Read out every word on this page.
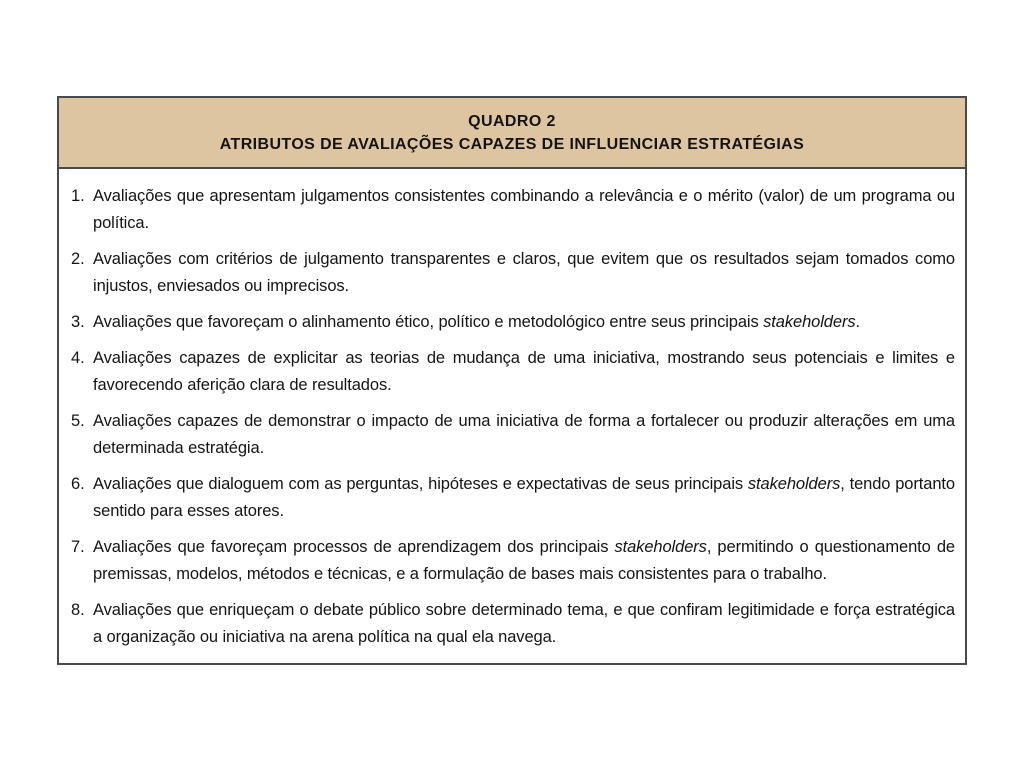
QUADRO 2
ATRIBUTOS DE AVALIAÇÕES CAPAZES DE INFLUENCIAR ESTRATÉGIAS
1. Avaliações que apresentam julgamentos consistentes combinando a relevância e o mérito (valor) de um programa ou política.
2. Avaliações com critérios de julgamento transparentes e claros, que evitem que os resultados sejam tomados como injustos, enviesados ou imprecisos.
3. Avaliações que favoreçam o alinhamento ético, político e metodológico entre seus principais stakeholders.
4. Avaliações capazes de explicitar as teorias de mudança de uma iniciativa, mostrando seus potenciais e limites e favorecendo aferição clara de resultados.
5. Avaliações capazes de demonstrar o impacto de uma iniciativa de forma a fortalecer ou produzir alterações em uma determinada estratégia.
6. Avaliações que dialoguem com as perguntas, hipóteses e expectativas de seus principais stakeholders, tendo portanto sentido para esses atores.
7. Avaliações que favoreçam processos de aprendizagem dos principais stakeholders, permitindo o questionamento de premissas, modelos, métodos e técnicas, e a formulação de bases mais consistentes para o trabalho.
8. Avaliações que enriqueçam o debate público sobre determinado tema, e que confiram legitimidade e força estratégica a organização ou iniciativa na arena política na qual ela navega.
